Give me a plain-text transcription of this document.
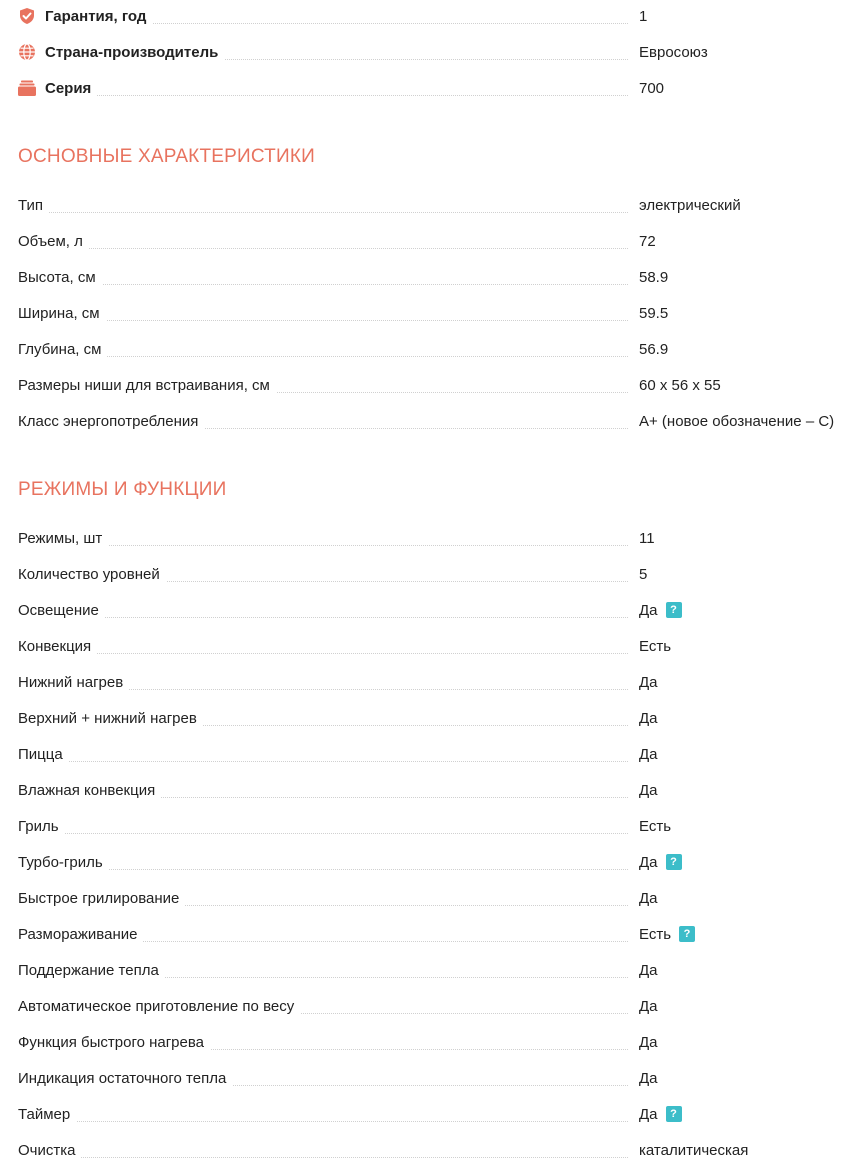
Гарантия, год	1
Страна-производитель	Евросоюз
Серия	700
ОСНОВНЫЕ ХАРАКТЕРИСТИКИ
Тип	электрический
Объем, л	72
Высота, см	58.9
Ширина, см	59.5
Глубина, см	56.9
Размеры ниши для встраивания, см	60 x 56 x 55
Класс энергопотребления	A+ (новое обозначение – C)
РЕЖИМЫ И ФУНКЦИИ
Режимы, шт	11
Количество уровней	5
Освещение	Да	?
Конвекция	Есть
Нижний нагрев	Да
Верхний + нижний нагрев	Да
Пицца	Да
Влажная конвекция	Да
Гриль	Есть
Турбо-гриль	Да	?
Быстрое грилирование	Да
Размораживание	Есть	?
Поддержание тепла	Да
Автоматическое приготовление по весу	Да
Функция быстрого нагрева	Да
Индикация остаточного тепла	Да
Таймер	Да	?
Очистка	каталитическая
